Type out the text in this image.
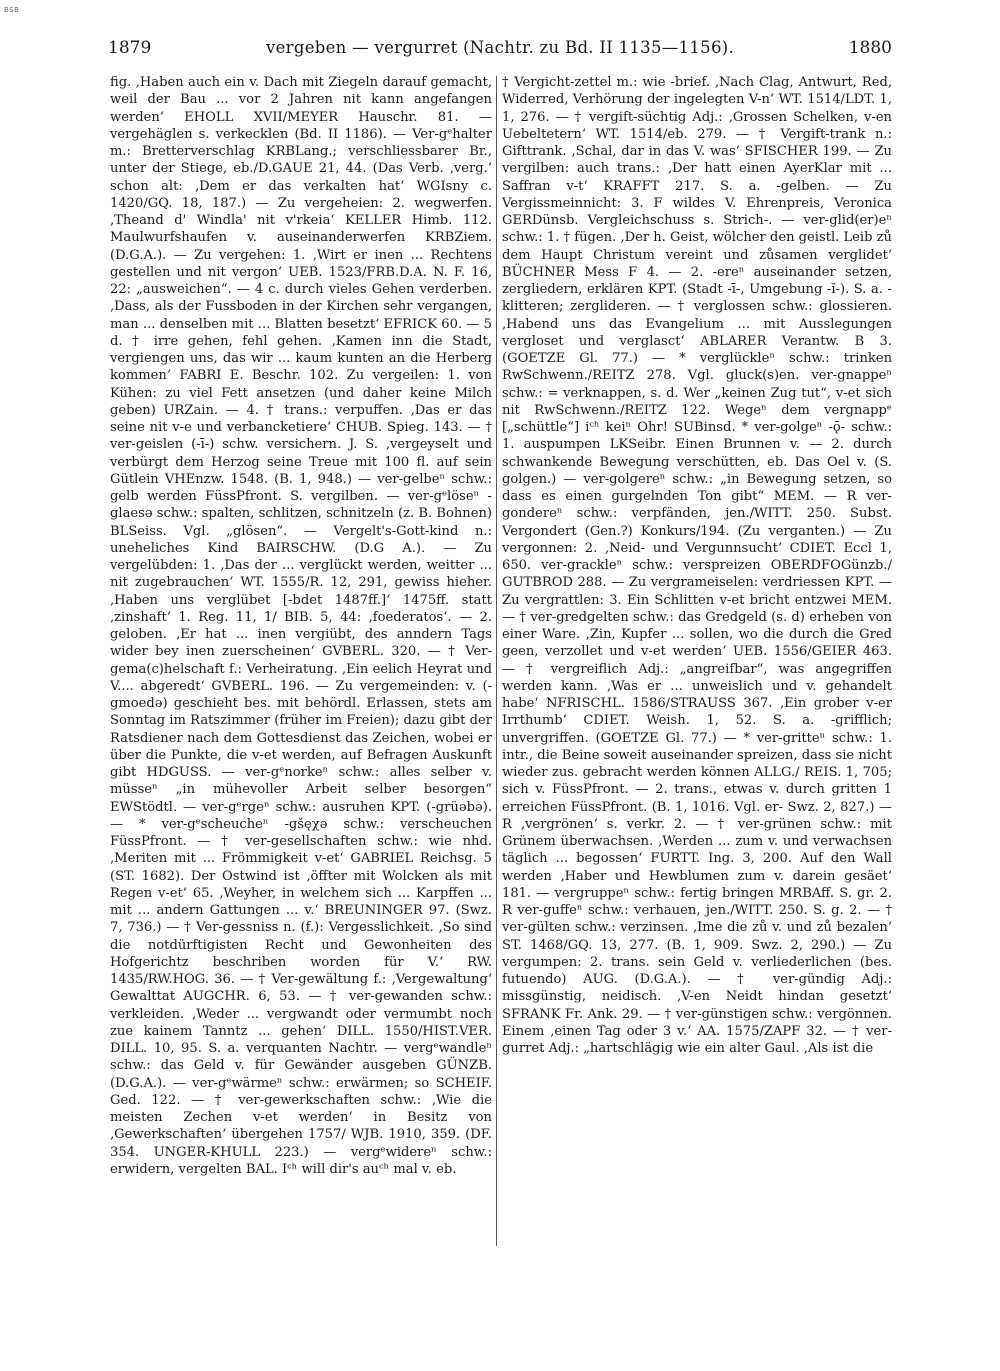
BSB
1879	vergeben — vergurret (Nachtr. zu Bd. II 1135—1156).	1880

fig. ‚Haben auch ein v. Dach mit Ziegeln darauf gemacht, weil der Bau ... vor 2 Jahren nit kann angefangen werden‘ EHOLL XVII/MEYER Hauschr. 81. — vergehäglen s. verkecklen (Bd. II 1186). — Ver-gᵉhalter m.: Bretterverschlag KRBLang.; verschliessbarer Br., unter der Stiege, eb./D.GAUE 21, 44. (Das Verb. ‚verg.‘ schon alt: ‚Dem er das verkalten hat‘ WGIsny c. 1420/GQ. 18, 187.) — Zu vergeheien: 2. wegwerfen. ‚Theand d' Windla' nit v'rkeia‘ KELLER Himb. 112. Maulwurfshaufen v. auseinanderwerfen KRBZiem. (D.G.A.). — Zu vergehen: 1. ‚Wirt er inen ... Rechtens gestellen und nit vergon‘ UEB. 1523/FRB.D.A. N. F. 16, 22: „ausweichen“. — 4 c. durch vieles Gehen verderben. ‚Dass, als der Fussboden in der Kirchen sehr vergangen, man ... denselben mit ... Blatten besetzt‘ EFRICK 60. — 5 d. † irre gehen, fehl gehen. ‚Kamen inn die Stadt, vergiengen uns, das wir ... kaum kunten an die Herberg kommen‘ FABRI E. Beschr. 102. Zu vergeilen: 1. von Kühen: zu viel Fett ansetzen (und daher keine Milch geben) URZain. — 4. † trans.: verpuffen. ‚Das er das seine nit v-e und verbancketiere‘ CHUB. Spieg. 143. — † ver-geislen (-ī-) schw. versichern. J. S. ‚vergeyselt und verbürgt dem Herzog seine Treue mit 100 fl. auf sein Gütlein VHEnzw. 1548. (B. 1, 948.) — ver-gelbeⁿ schw.: gelb werden FüssPfront. S. vergilben. — ver-gᵉlöseⁿ -glaesə schw.: spalten, schlitzen, schnitzeln (z. B. Bohnen) BLSeiss. Vgl. „glösen“. — Vergelt's-Gott-kind n.: uneheliches Kind BAIRSCHW. (D.G A.). — Zu vergelübden: 1. ‚Das der ... verglückt werden, weitter ... nit zugebrauchen‘ WT. 1555/R. 12, 291, gewiss hieher. ‚Haben uns verglübet [-bdet 1487ff.]‘ 1475ff. statt ‚zinshaft‘ 1. Reg. 11, 1/ BIB. 5, 44: ‚foederatos‘. — 2. geloben. ‚Er hat ... inen vergiübt, des anndern Tags wider bey inen zuerscheinen‘ GVBERL. 320. — † Ver-gema(c)helschaft f.: Verheiratung. ‚Ein eelich Heyrat und V.... abgeredt‘ GVBERL. 196. — Zu vergemeinden: v. (-gmoedə) geschieht bes. mit behördl. Erlassen, stets am Sonntag im Ratszimmer (früher im Freien); dazu gibt der Ratsdiener nach dem Gottesdienst das Zeichen, wobei er über die Punkte, die v-et werden, auf Befragen Auskunft gibt HDGUSS. — ver-gᵉnorkeⁿ schw.: alles selber v. müsseⁿ „in mühevoller Arbeit selber besorgen“ EWStödtl. — ver-gᵉrgeⁿ schw.: ausruhen KPT. (-grüəbə). — * ver-gᵉscheucheⁿ -gšęχə schw.: verscheuchen FüssPfront. — † ver-gesellschaften schw.: wie nhd. ‚Meriten mit ... Frömmigkeit v-et‘ GABRIEL Reichsg. 5 (ST. 1682). Der Ostwind ist ‚öffter mit Wolcken als mit Regen v-et‘ 65. ‚Weyher, in welchem sich ... Karpffen ... mit ... andern Gattungen ... v.‘ BREUNINGER 97. (Swz. 7, 736.) — † Ver-gessniss n. (f.): Vergesslichkeit. ‚So sind die notdürftigisten Recht und Gewonheiten des Hofgerichtz beschriben worden für V.‘ RW. 1435/RW.HOG. 36. — † Ver-gewältung f.: ‚Vergewaltung‘ Gewalttat AUGCHR. 6, 53. — † ver-gewanden schw.: verkleiden. ‚Weder ... vergwandt oder vermumbt noch zue kainem Tanntz ... gehen‘ DILL. 1550/HIST.VER. DILL. 10, 95. S. a. verquanten Nachtr. — vergᵉwandleⁿ schw.: das Geld v. für Gewänder ausgeben GÜNZB. (D.G.A.). — ver-gᵉwärmeⁿ schw.: erwärmen; so SCHEIF. Ged. 122. — † ver-gewerkschaften schw.: ‚Wie die meisten Zechen v-et werden‘ in Besitz von ‚Gewerkschaften‘ übergehen 1757/ WJB. 1910, 359. (DF. 354. UNGER-KHULL 223.) — vergᵉwidereⁿ schw.: erwidern, vergelten BAL. Iᶜʰ will dir's auᶜʰ mal v. eb.

† Vergicht-zettel m.: wie -brief. ‚Nach Clag, Antwurt, Red, Widerred, Verhörung der ingelegten V-n‘ WT. 1514/LDT. 1, 1, 276. — † vergift-süchtig Adj.: ‚Grossen Schelken, v-en Uebeltetern‘ WT. 1514/eb. 279. — † Vergift-trank n.: Gifttrank. ‚Schal, dar in das V. was‘ SFISCHER 199. — Zu vergilben: auch trans.: ‚Der hatt einen AyerKlar mit ... Saffran v-t‘ KRAFFT 217. S. a. -gelben. — Zu Vergissmeinnicht: 3. F wildes V. Ehrenpreis, Veronica GERDünsb. Vergleichschuss s. Strich-. — ver-glid(er)eⁿ schw.: 1. † fügen. ‚Der h. Geist, wölcher den geistl. Leib zů dem Haupt Christum vereint und zůsamen verglidet‘ BÜCHNER Mess F 4. — 2. -ereⁿ auseinander setzen, zergliedern, erklären KPT. (Stadt -ī-, Umgebung -ĭ-). S. a. -klitteren; zerglideren. — † verglossen schw.: glossieren. ‚Habend uns das Evangelium ... mit Ausslegungen vergloset und verglasct‘ ABLARER Verantw. B 3. (GOETZE Gl. 77.) — * verglückleⁿ schw.: trinken RwSchwenn./REITZ 278. Vgl. gluck(s)en. ver-gnappeⁿ schw.: = verknappen, s. d. Wer „keinen Zug tut“, v-et sich nit RwSchwenn./REITZ 122. Wegeⁿ dem vergnappᵉ [„schüttle“] iᶜʰ keiⁿ Ohr! SUBinsd. * ver-golgeⁿ -ǭ- schw.: 1. auspumpen LKSeibr. Einen Brunnen v. — 2. durch schwankende Bewegung verschütten, eb. Das Oel v. (S. golgen.) — ver-golgereⁿ schw.: „in Bewegung setzen, so dass es einen gurgelnden Ton gibt“ MEM. — R ver-gondereⁿ schw.: verpfänden, jen./WITT. 250. Subst. Vergondert (Gen.?) Konkurs/194. (Zu verganten.) — Zu vergonnen: 2. ‚Neid- und Vergunnsucht‘ CDIET. Eccl 1, 650. ver-grackleⁿ schw.: verspreizen OBERDFOGünzb./ GUTBROD 288. — Zu vergrameiselen: verdriessen KPT. — Zu vergrattlen: 3. Ein Schlitten v-et bricht entzwei MEM. — † ver-gredgelten schw.: das Gredgeld (s. d) erheben von einer Ware. ‚Zin, Kupfer ... sollen, wo die durch die Gred geen, verzollet und v-et werden‘ UEB. 1556/GEIER 463. — † vergreiflich Adj.: „angreifbar“, was angegriffen werden kann. ‚Was er ... unweislich und v. gehandelt habe‘ NFRISCHL. 1586/STRAUSS 367. ‚Ein grober v-er Irrthumb‘ CDIET. Weish. 1, 52. S. a. -grifflich; unvergriffen. (GOETZE Gl. 77.) — * ver-gritteⁿ schw.: 1. intr., die Beine soweit auseinander spreizen, dass sie nicht wieder zus. gebracht werden können ALLG./ REIS. 1, 705; sich v. FüssPfront. — 2. trans., etwas v. durch gritten 1 erreichen FüssPfront. (B. 1, 1016. Vgl. er- Swz. 2, 827.) — R ‚vergrönen‘ s. verkr. 2. — † ver-grünen schw.: mit Grünem überwachsen. ‚Werden ... zum v. und verwachsen täglich ... begossen‘ FURTT. Ing. 3, 200. Auf den Wall werden ‚Haber und Hewblumen zum v. darein gesäet‘ 181. — vergruppeⁿ schw.: fertig bringen MRBAff. S. gr. 2. R ver-guffeⁿ schw.: verhauen, jen./WITT. 250. S. g. 2. — † ver-gülten schw.: verzinsen. ‚Ime die zů v. und zů bezalen‘ ST. 1468/GQ. 13, 277. (B. 1, 909. Swz. 2, 290.) — Zu vergumpen: 2. trans. sein Geld v. verliederlichen (bes. futuendo) AUG. (D.G.A.). — † ver-gündig Adj.: missgünstig, neidisch. ‚V-en Neidt hindan gesetzt‘ SFRANK Fr. Ank. 29. — † ver-günstigen schw.: vergönnen. Einem ‚einen Tag oder 3 v.‘ AA. 1575/ZAPF 32. — † ver-gurret Adj.: „hartschlägig wie ein alter Gaul. ‚Als ist die
